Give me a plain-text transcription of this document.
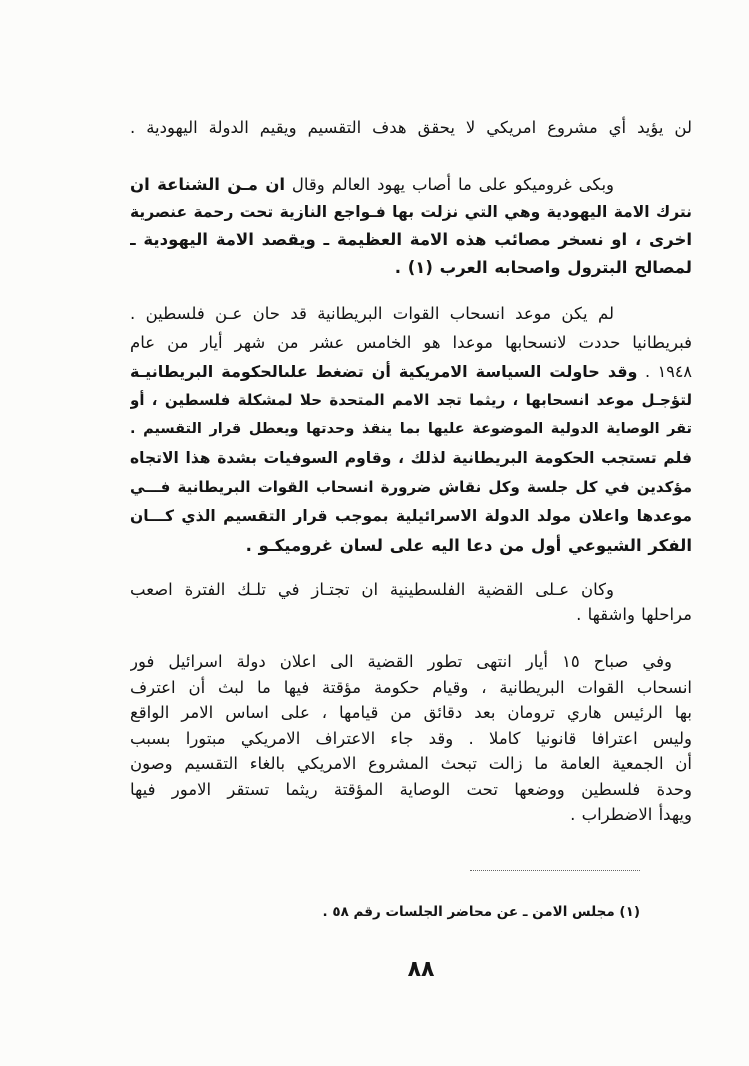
لن يؤيد أي مشروع امريكي لا يحقق هدف التقسيم ويقيم الدولة اليهودية .
وبكى غروميكو على ما أصاب يهود العالم وقال ان مـن الشناعة ان
نترك الامة اليهودية وهي التي نزلت بها فـواجع النازية تحت رحمة عنصرية
اخرى ، او نسخر مصائب هذه الامة العظيمة ـ ويقصد الامة اليهودية ـ
لمصالح البترول واصحابه العرب (١) .
لم يكن موعد انسحاب القوات البريطانية قد حان عـن فلسطين .
فبريطانيا حددت لانسحابها موعدا هو الخامس عشر من شهر أيار من عام
١٩٤٨ . وقد حاولت السياسة الامريكية أن تضغط علىالحكومة البريطانيـة
لتؤجـل موعد انسحابها ، ريثما تجد الامم المتحدة حلا لمشكلة فلسطين ، أو
تقر الوصاية الدولية الموضوعة عليها بما ينقذ وحدتها ويعطل قرار التقسيم .
فلم تستجب الحكومة البريطانية لذلك ، وقاوم السوفيات بشدة هذا الاتجاه
مؤكدين في كل جلسة وكل نقاش ضرورة انسحاب القوات البريطانية فـــي
موعدها واعلان مولد الدولة الاسرائيلية بموجب قرار التقسيم الذي كـــان
الفكر الشيوعي أول من دعا اليه على لسان غروميكـو .
وكان عـلى القضية الفلسطينية ان تجتـاز في تلـك الفترة اصعب
مراحلها واشقها .
وفي صباح ١٥ أيار انتهى تطور القضية الى اعلان دولة اسرائيل فور
انسحاب القوات البريطانية ، وقيام حكومة مؤقتة فيها ما لبث أن اعترف
بها الرئيس هاري ترومان بعد دقائق من قيامها ، على اساس الامر الواقع
وليس اعترافا قانونيا كاملا . وقد جاء الاعتراف الامريكي مبتورا بسبب
أن الجمعية العامة ما زالت تبحث المشروع الامريكي بالغاء التقسيم وصون
وحدة فلسطين ووضعها تحت الوصاية المؤقتة ريثما تستقر الامور فيها
ويهدأ الاضطراب .
(١) مجلس الامن ـ عن محاضر الجلسات رقم ٥٨ .
٨٨
